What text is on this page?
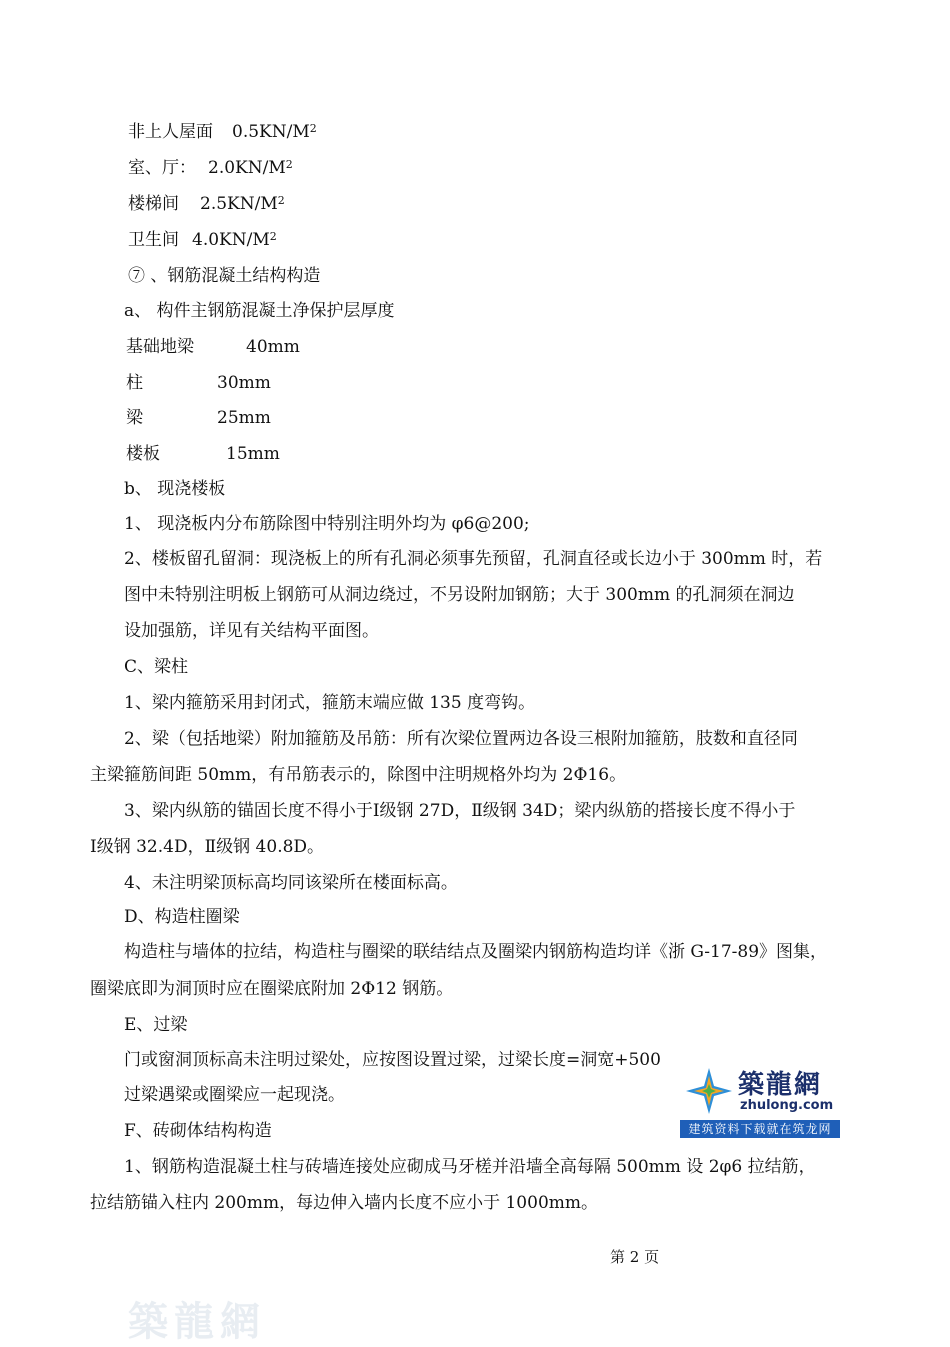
非上人屋面 $0.5KN/M^2$
室、厅： $2.0KN/M^2$
楼梯间 $2.5KN/M^2$
卫生间 $4.0KN/M^2$
⑦ 、钢筋混凝土结构构造
a、 构件主钢筋混凝土净保护层厚度
基础地梁	40mm
柱	30mm
梁	25mm
楼板	15mm
b、 现浇楼板
1、 现浇板内分布筋除图中特别注明外均为 φ6@200;
2、楼板留孔留洞：现浇板上的所有孔洞必须事先预留，孔洞直径或长边小于 300mm 时，若
图中未特别注明板上钢筋可从洞边绕过，不另设附加钢筋；大于 300mm 的孔洞须在洞边
设加强筋，详见有关结构平面图。
C、梁柱
1、梁内箍筋采用封闭式，箍筋末端应做 135 度弯钩。
2、梁（包括地梁）附加箍筋及吊筋：所有次梁位置两边各设三根附加箍筋，肢数和直径同
主梁箍筋间距 50mm，有吊筋表示的，除图中注明规格外均为 2Φ16。
3、梁内纵筋的锚固长度不得小于Ⅰ级钢 27D，Ⅱ级钢 34D；梁内纵筋的搭接长度不得小于
Ⅰ级钢 32.4D，Ⅱ级钢 40.8D。
4、未注明梁顶标高均同该梁所在楼面标高。
D、构造柱圈梁
构造柱与墙体的拉结，构造柱与圈梁的联结结点及圈梁内钢筋构造均详《浙 G-17-89》图集，
圈梁底即为洞顶时应在圈梁底附加 2Φ12 钢筋。
E、过梁
门或窗洞顶标高未注明过梁处，应按图设置过梁，过梁长度=洞宽+500
过梁遇梁或圈梁应一起现浇。
F、砖砌体结构构造
1、钢筋构造混凝土柱与砖墙连接处应砌成马牙槎并沿墙全高每隔 500mm 设 2φ6 拉结筋，
拉结筋锚入柱内 200mm，每边伸入墙内长度不应小于 1000mm。
築龍網
zhulong.com
建筑资料下载就在筑龙网
第 2 页
築龍網
